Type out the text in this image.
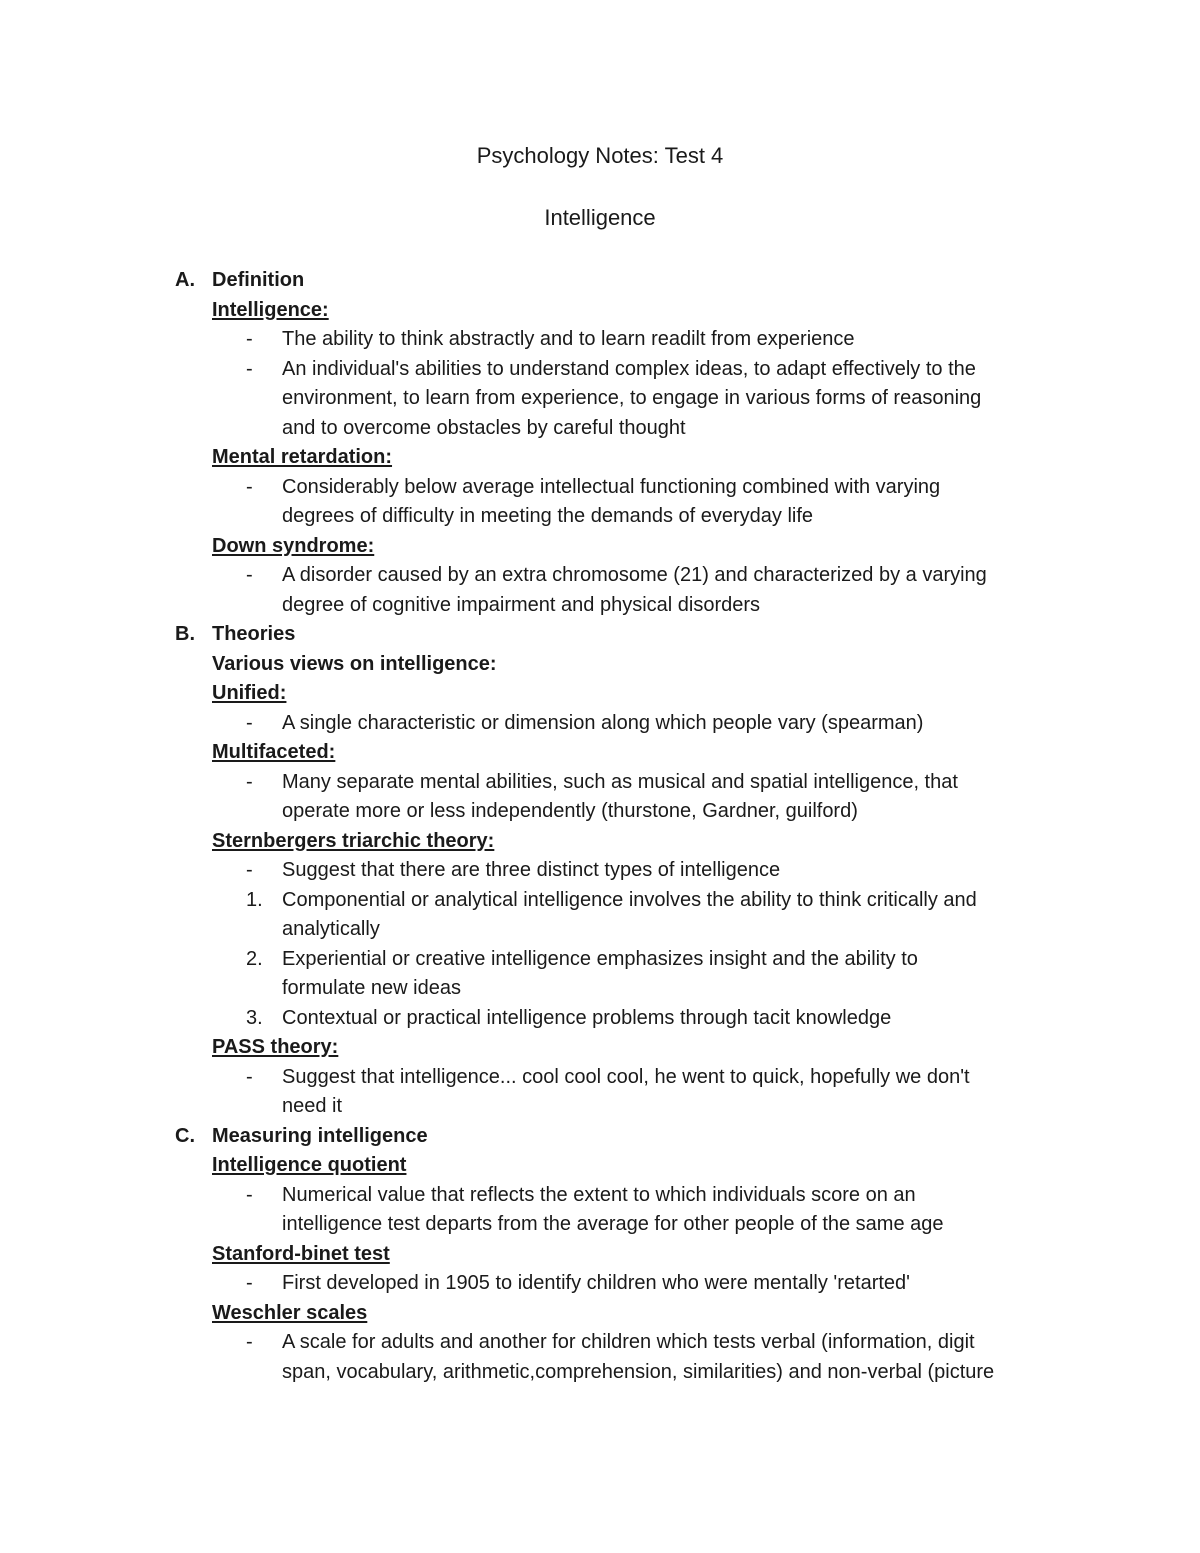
Psychology Notes: Test 4
Intelligence
A. Definition
Intelligence:
- The ability to think abstractly and to learn readilt from experience
- An individual's abilities to understand complex ideas, to adapt effectively to the
environment, to learn from experience, to engage in various forms of reasoning
and to overcome obstacles by careful thought
Mental retardation:
- Considerably below average intellectual functioning combined with varying
degrees of difficulty in meeting the demands of everyday life
Down syndrome:
- A disorder caused by an extra chromosome (21) and characterized by a varying
degree of cognitive impairment and physical disorders
B. Theories
Various views on intelligence:
Unified:
- A single characteristic or dimension along which people vary (spearman)
Multifaceted:
- Many separate mental abilities, such as musical and spatial intelligence, that
operate more or less independently (thurstone, Gardner, guilford)
Sternbergers triarchic theory:
- Suggest that there are three distinct types of intelligence
1. Componential or analytical intelligence involves the ability to think critically and
analytically
2. Experiential or creative intelligence emphasizes insight and the ability to
formulate new ideas
3. Contextual or practical intelligence problems through tacit knowledge
PASS theory:
- Suggest that intelligence... cool cool cool, he went to quick, hopefully we don't
need it
C. Measuring intelligence
Intelligence quotient
- Numerical value that reflects the extent to which individuals score on an
intelligence test departs from the average for other people of the same age
Stanford-binet test
- First developed in 1905 to identify children who were mentally 'retarted'
Weschler scales
- A scale for adults and another for children which tests verbal (information, digit
span, vocabulary, arithmetic,comprehension, similarities) and non-verbal (picture
